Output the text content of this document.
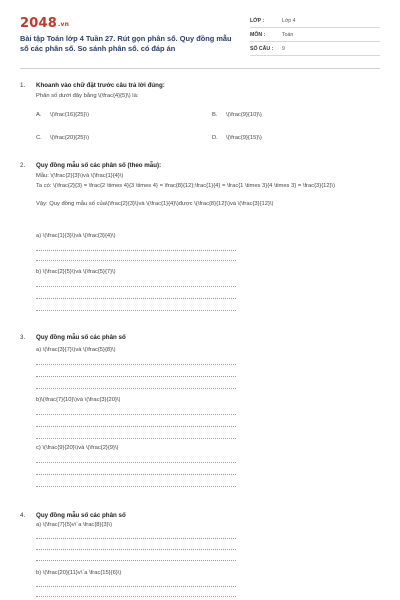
2048.vn
Bài tập Toán lớp 4 Tuần 27. Rút gọn phân số. Quy đồng mẫu số các phân số. So sánh phân số. có đáp án
LỚP :	Lớp 4
MÔN :	Toán
SỐ CÂU : 9
1. Khoanh vào chữ đặt trước câu trả lời đúng:
Phân số dưới đây bằng \(\frac{4}{5}\) là:
A. \(\frac{16}{25}\)	B. \(\frac{9}{10}\)
C. \(\frac{20}{25}\)	D. \(\frac{9}{15}\)
2. Quy đồng mẫu số các phân số (theo mẫu):
Mẫu: \(\frac{2}{3}\)và \(\frac{1}{4}\)
Ta có: \(\frac{2}{3} = \frac{2 \times 4}{3 \times 4} = \frac{8}{12};\frac{1}{4} = \frac{1 \times 3}{4 \times 3} = \frac{3}{12}\)
Vậy: Quy đồng mẫu số của\(\frac{2}{3}\)và \(\frac{1}{4}\)được \(\frac{8}{12}\)và \(\frac{3}{12}\)
a) \(\frac{1}{3}\)và \(\frac{3}{4}\)
b) \(\frac{2}{5}\)và \(\frac{5}{7}\)
3. Quy đồng mẫu số các phân số
a) \(\frac{3}{7}\)và \(\frac{5}{8}\)
b)\(\frac{7}{10}\)và \(\frac{3}{20}\)
c) \(\frac{9}{20}\)và \(\frac{2}{9}\)
4. Quy đồng mẫu số các phân số
a) \(\frac{7}{5}v\`a \frac{8}{3}\)
b) \(\frac{20}{11}v\`a \frac{15}{6}\)
